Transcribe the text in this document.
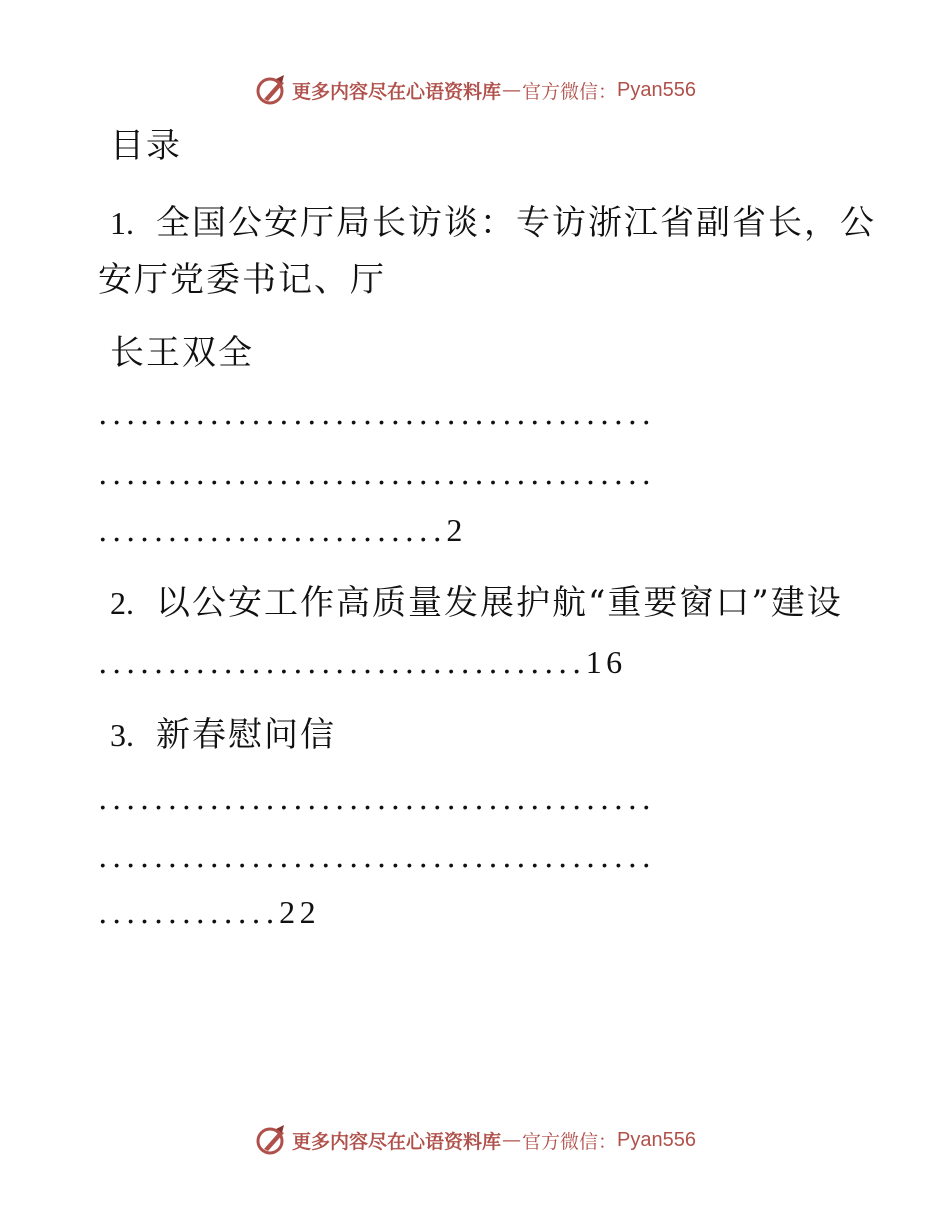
更多内容尽在心语资料库 — 官方微信： Pyan556
目录
1. 全国公安厅局长访谈：专访浙江省副省长，公
安厅党委书记、厅
长王双全
........................................
........................................
.........................2
2. 以公安工作高质量发展护航“重要窗口”建设
...................................16
3. 新春慰问信
........................................
........................................
.............22
更多内容尽在心语资料库 — 官方微信： Pyan556
